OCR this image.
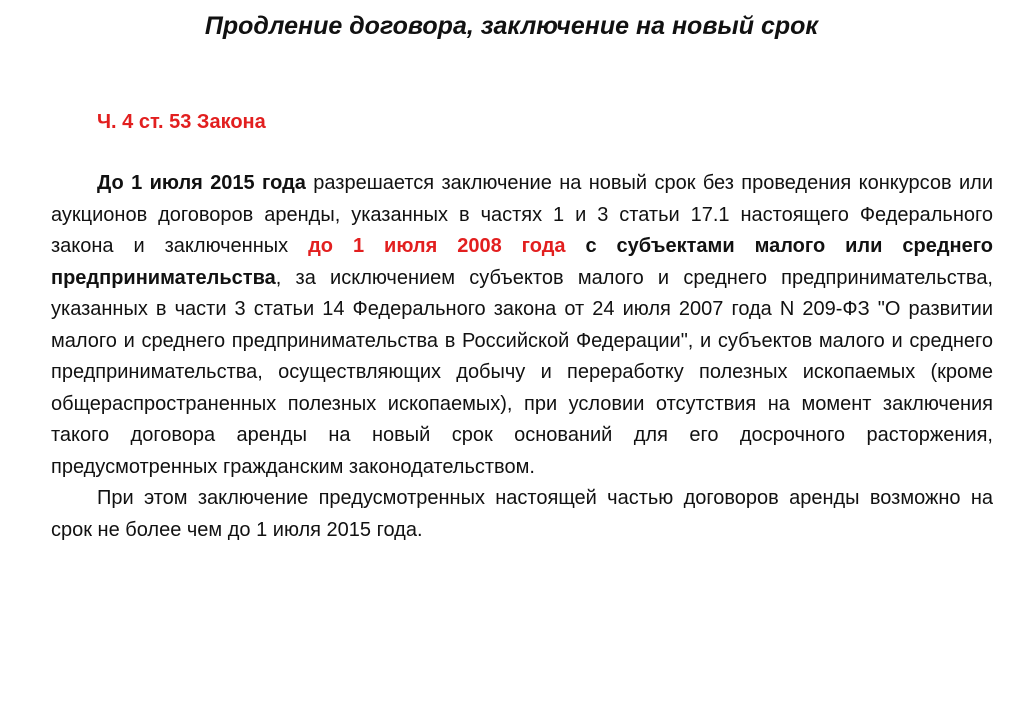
Продление договора, заключение на новый срок
Ч. 4 ст. 53 Закона

До 1 июля 2015 года разрешается заключение на новый срок без проведения конкурсов или аукционов договоров аренды, указанных в частях 1 и 3 статьи 17.1 настоящего Федерального закона и заключенных до 1 июля 2008 года с субъектами малого или среднего предпринимательства, за исключением субъектов малого и среднего предпринимательства, указанных в части 3 статьи 14 Федерального закона от 24 июля 2007 года N 209-ФЗ "О развитии малого и среднего предпринимательства в Российской Федерации", и субъектов малого и среднего предпринимательства, осуществляющих добычу и переработку полезных ископаемых (кроме общераспространенных полезных ископаемых), при условии отсутствия на момент заключения такого договора аренды на новый срок оснований для его досрочного расторжения, предусмотренных гражданским законодательством.

При этом заключение предусмотренных настоящей частью договоров аренды возможно на срок не более чем до 1 июля 2015 года.
